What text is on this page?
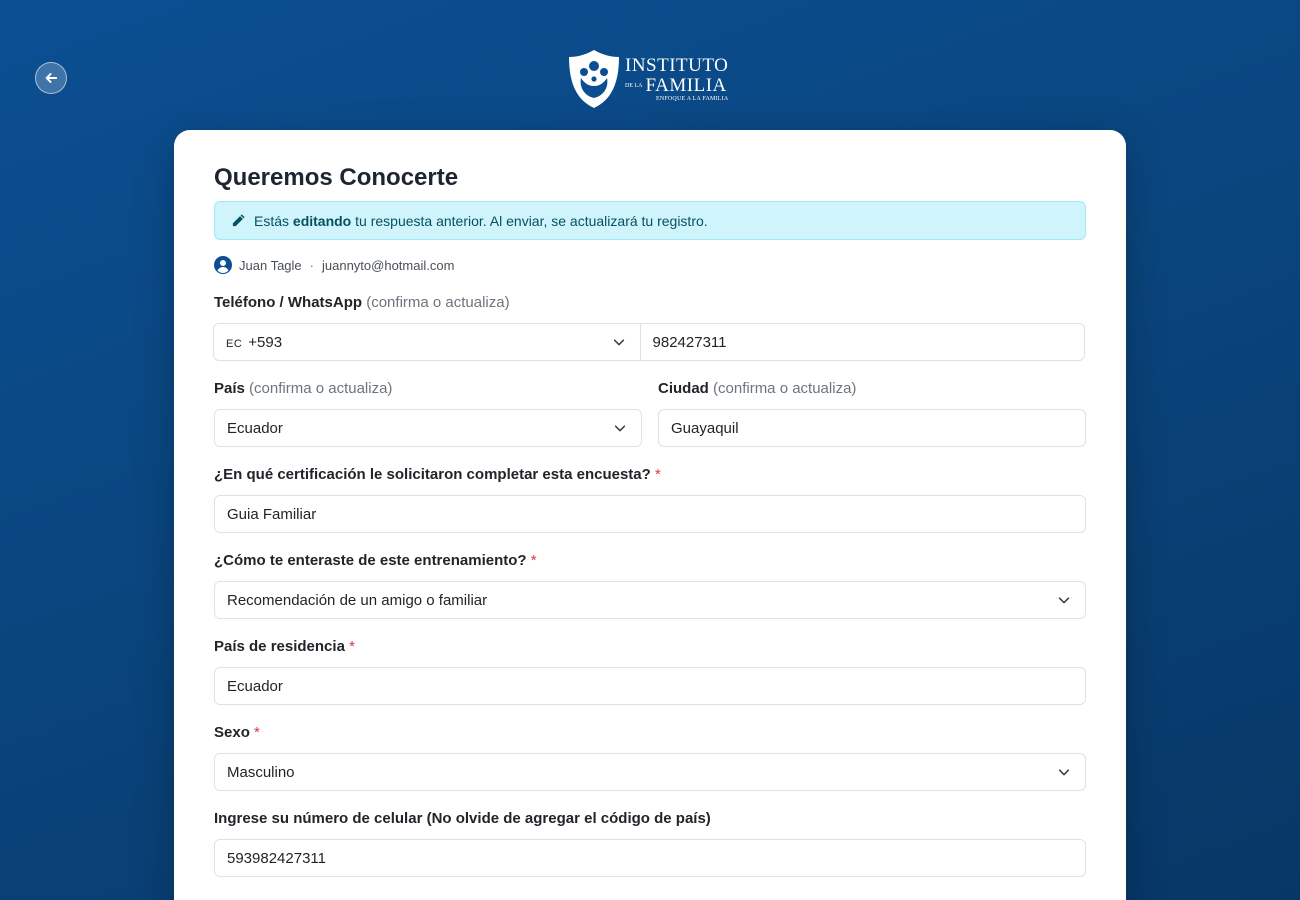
INSTITUTO
DE LA FAMILIA
ENFOQUE A LA FAMILIA
Queremos Conocerte
Estás
editando
tu respuesta anterior. Al enviar, se actualizará tu registro.
Juan Tagle · juannyto@hotmail.com
Teléfono / WhatsApp (confirma o actualiza)
EC +593	982427311
País (confirma o actualiza)
Ecuador
Ciudad (confirma o actualiza)
Guayaquil
¿En qué certificación le solicitaron completar esta encuesta? *
Guia Familiar
¿Cómo te enteraste de este entrenamiento? *
Recomendación de un amigo o familiar
País de residencia *
Ecuador
Sexo *
Masculino
Ingrese su número de celular (No olvide de agregar el código de país)
593982427311
